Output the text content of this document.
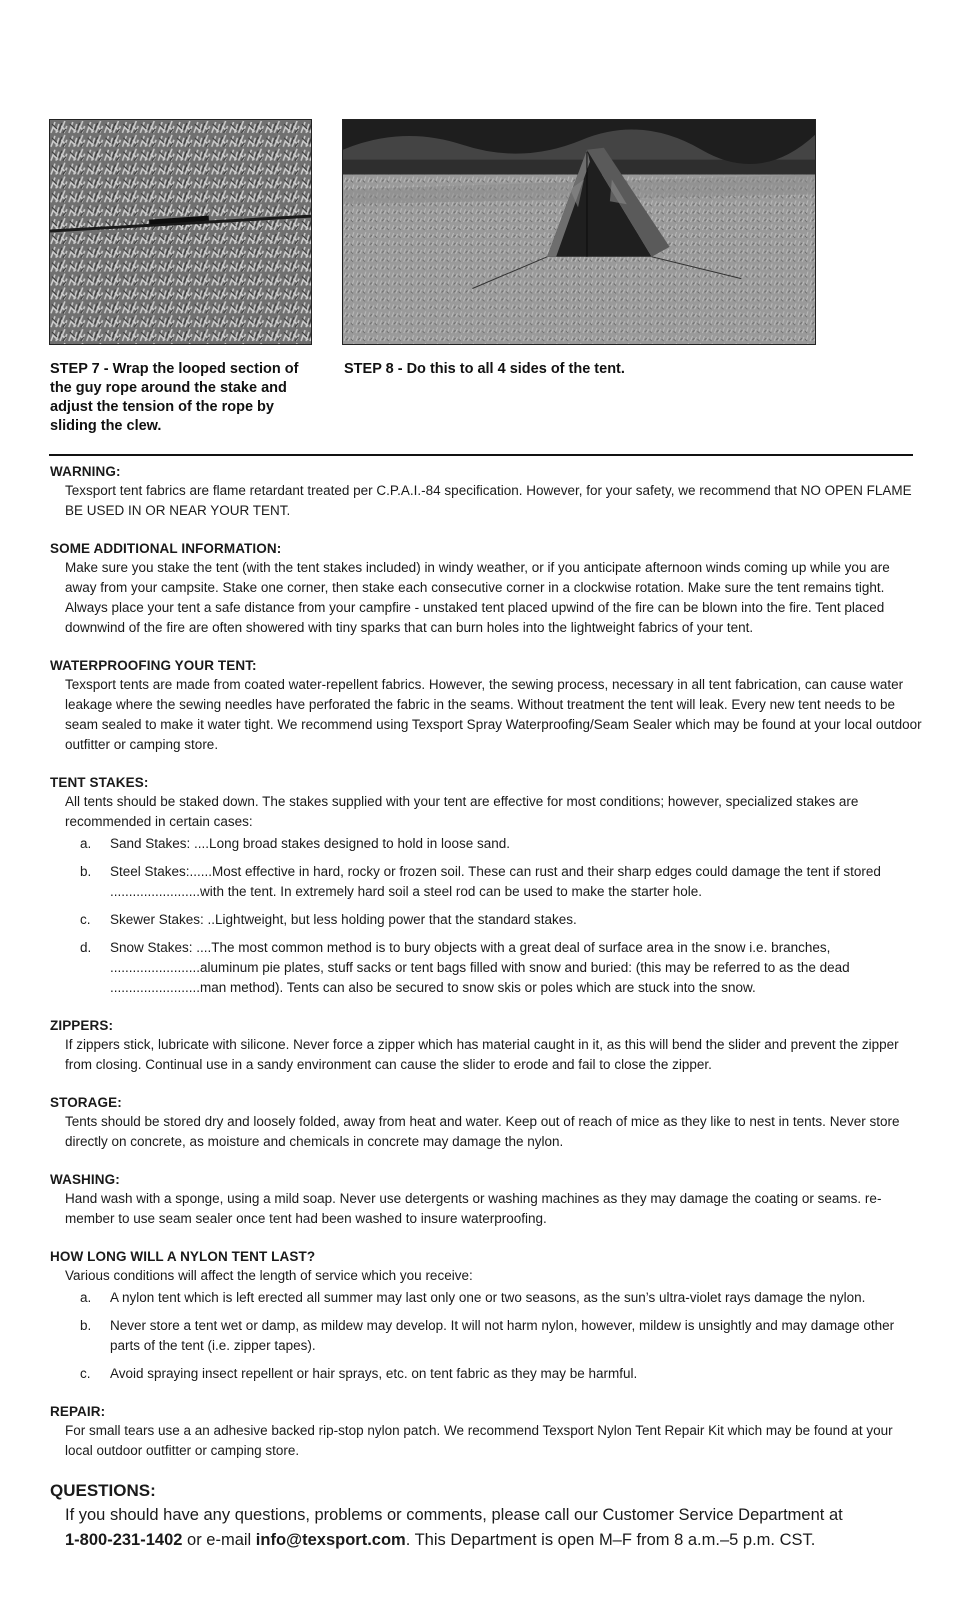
STEP 7 - Wrap the looped section of the guy rope around the stake and adjust the tension of the rope by sliding the clew.
STEP 8 - Do this to all 4 sides of the tent.
WARNING:
Texsport tent fabrics are flame retardant treated per C.P.A.I.-84 specification. However, for your safety, we recommend that NO OPEN FLAME BE USED IN OR NEAR YOUR TENT.
SOME ADDITIONAL INFORMATION:
Make sure you stake the tent (with the tent stakes included) in windy weather, or if you anticipate afternoon winds coming up while you are away from your campsite. Stake one corner, then stake each consecutive corner in a clockwise rotation. Make sure the tent remains tight. Always place your tent a safe distance from your campfire - unstaked tent placed upwind of the fire can be blown into the fire. Tent placed downwind of the fire are often showered with tiny sparks that can burn holes into the lightweight fabrics of your tent.
WATERPROOFING YOUR TENT:
Texsport tents are made from coated water-repellent fabrics. However, the sewing process, necessary in all tent fabrication, can cause water leakage where the sewing needles have perforated the fabric in the seams. Without treatment the tent will leak. Every new tent needs to be seam sealed to make it water tight. We recommend using Texsport Spray Waterproofing/Seam Sealer which may be found at your local outdoor outfitter or camping store.
TENT STAKES:
All tents should be staked down. The stakes supplied with your tent are effective for most conditions; however, specialized stakes are recommended in certain cases:
a. Sand Stakes: ....Long broad stakes designed to hold in loose sand.
b. Steel Stakes:......Most effective in hard, rocky or frozen soil. These can rust and their sharp edges could damage the tent if stored ........................with the tent. In extremely hard soil a steel rod can be used to make the starter hole.
c. Skewer Stakes: ..Lightweight, but less holding power that the standard stakes.
d. Snow Stakes: ....The most common method is to bury objects with a great deal of surface area in the snow i.e. branches, ........................aluminum pie plates, stuff sacks or tent bags filled with snow and buried: (this may be referred to as the dead ........................man method). Tents can also be secured to snow skis or poles which are stuck into the snow.
ZIPPERS:
If zippers stick, lubricate with silicone. Never force a zipper which has material caught in it, as this will bend the slider and prevent the zipper from closing. Continual use in a sandy environment can cause the slider to erode and fail to close the zipper.
STORAGE:
Tents should be stored dry and loosely folded, away from heat and water. Keep out of reach of mice as they like to nest in tents. Never store directly on concrete, as moisture and chemicals in concrete may damage the nylon.
WASHING:
Hand wash with a sponge, using a mild soap. Never use detergents or washing machines as they may damage the coating or seams. re-member to use seam sealer once tent had been washed to insure waterproofing.
HOW LONG WILL A NYLON TENT LAST?
Various conditions will affect the length of service which you receive:
a. A nylon tent which is left erected all summer may last only one or two seasons, as the sun’s ultra-violet rays damage the nylon.
b. Never store a tent wet or damp, as mildew may develop. It will not harm nylon, however, mildew is unsightly and may damage other parts of the tent (i.e. zipper tapes).
c. Avoid spraying insect repellent or hair sprays, etc. on tent fabric as they may be harmful.
REPAIR:
For small tears use a an adhesive backed rip-stop nylon patch. We recommend Texsport Nylon Tent Repair Kit which may be found at your local outdoor outfitter or camping store.
QUESTIONS:
If you should have any questions, problems or comments, please call our Customer Service Department at
1-800-231-1402 or e-mail info@texsport.com. This Department is open M–F from 8 a.m.–5 p.m. CST.
